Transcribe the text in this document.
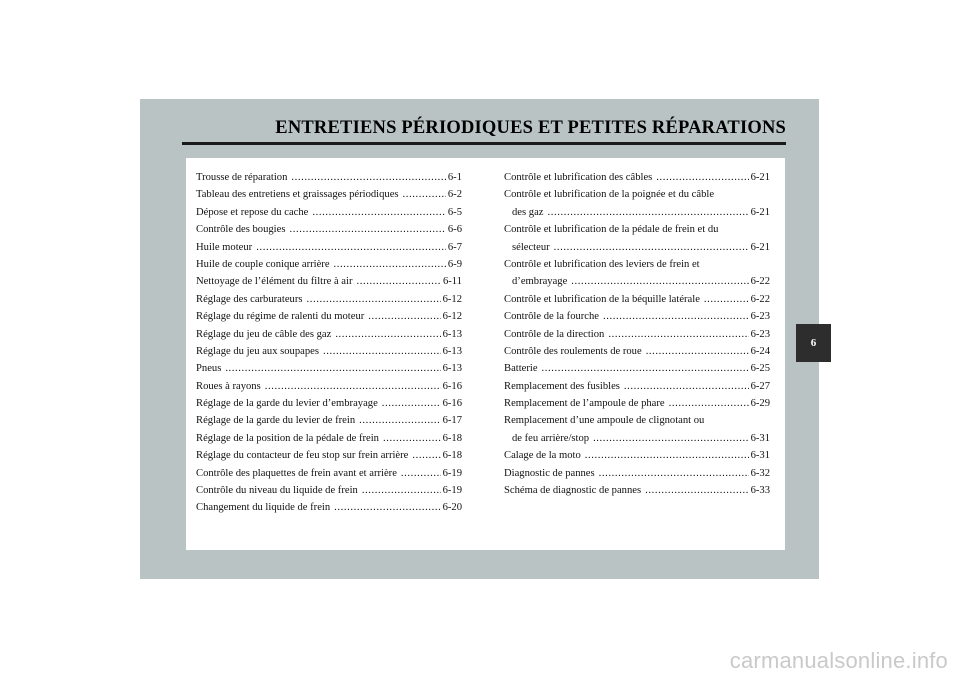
ENTRETIENS PÉRIODIQUES ET PETITES RÉPARATIONS
Trousse de réparation .....	6-1
Tableau des entretiens et graissages périodiques .....	6-2
Dépose et repose du cache .....	6-5
Contrôle des bougies .....	6-6
Huile moteur .....	6-7
Huile de couple conique arrière .....	6-9
Nettoyage de l’élément du filtre à air .....	6-11
Réglage des carburateurs .....	6-12
Réglage du régime de ralenti du moteur .....	6-12
Réglage du jeu de câble des gaz .....	6-13
Réglage du jeu aux soupapes .....	6-13
Pneus .....	6-13
Roues à rayons .....	6-16
Réglage de la garde du levier d’embrayage .....	6-16
Réglage de la garde du levier de frein .....	6-17
Réglage de la position de la pédale de frein .....	6-18
Réglage du contacteur de feu stop sur frein arrière .....	6-18
Contrôle des plaquettes de frein avant et arrière .....	6-19
Contrôle du niveau du liquide de frein .....	6-19
Changement du liquide de frein .....	6-20
Contrôle et lubrification des câbles .....	6-21
Contrôle et lubrification de la poignée et du câble
des gaz .....	6-21
Contrôle et lubrification de la pédale de frein et du
sélecteur .....	6-21
Contrôle et lubrification des leviers de frein et
d’embrayage .....	6-22
Contrôle et lubrification de la béquille latérale .....	6-22
Contrôle de la fourche .....	6-23
Contrôle de la direction .....	6-23
Contrôle des roulements de roue .....	6-24
Batterie .....	6-25
Remplacement des fusibles .....	6-27
Remplacement de l’ampoule de phare .....	6-29
Remplacement d’une ampoule de clignotant ou
de feu arrière/stop .....	6-31
Calage de la moto .....	6-31
Diagnostic de pannes .....	6-32
Schéma de diagnostic de pannes .....	6-33
6
carmanualsonline.info
